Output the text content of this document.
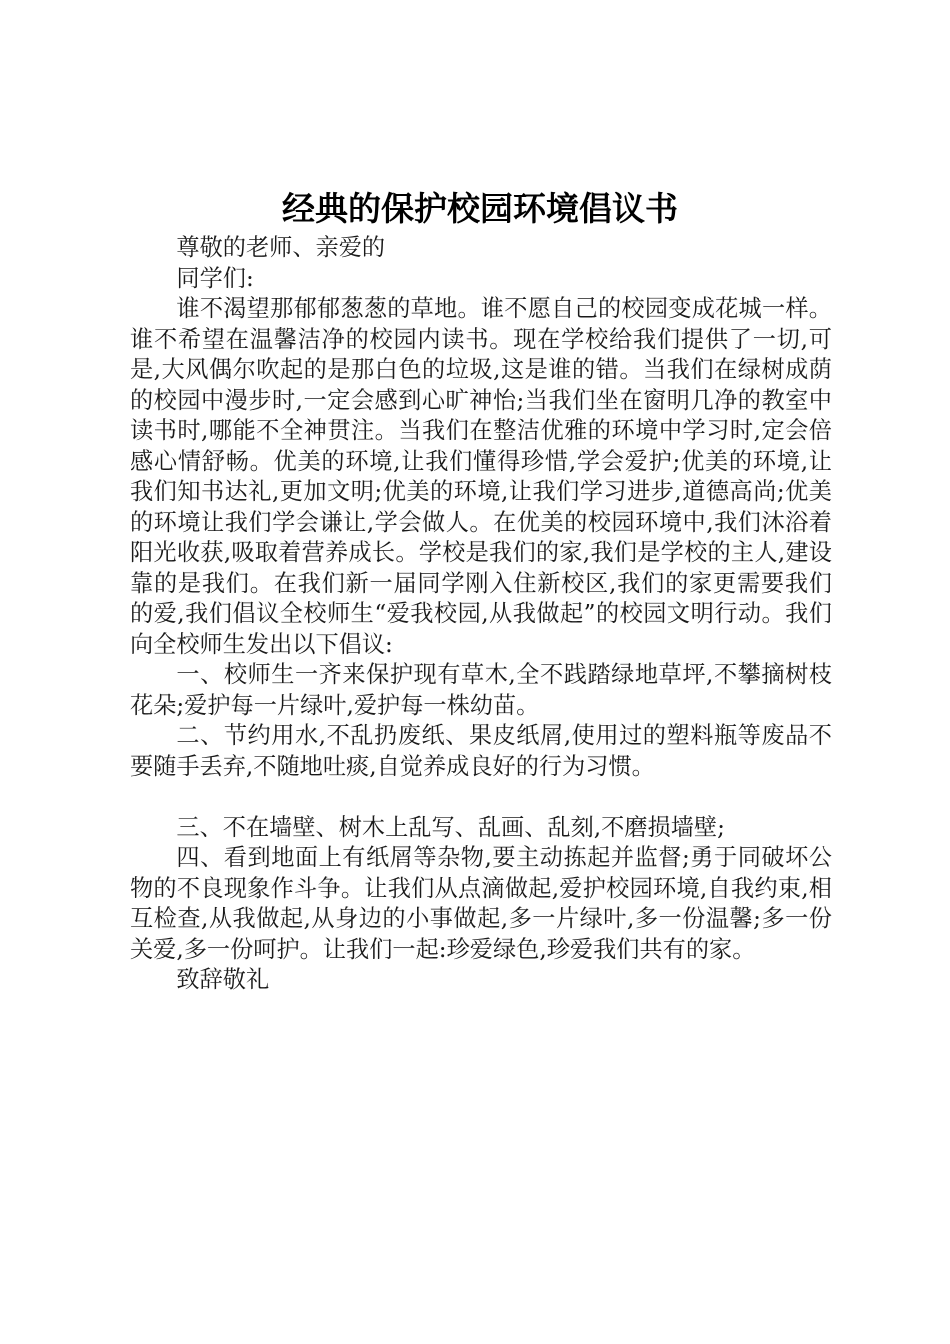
经典的保护校园环境倡议书

尊敬的老师、亲爱的

同学们:

谁不渴望那郁郁葱葱的草地。谁不愿自己的校园变成花城一样。谁不希望在温馨洁净的校园内读书。现在学校给我们提供了一切,可是,大风偶尔吹起的是那白色的垃圾,这是谁的错。当我们在绿树成荫的校园中漫步时,一定会感到心旷神怡;当我们坐在窗明几净的教室中读书时,哪能不全神贯注。当我们在整洁优雅的环境中学习时,定会倍感心情舒畅。优美的环境,让我们懂得珍惜,学会爱护;优美的环境,让我们知书达礼,更加文明;优美的环境,让我们学习进步,道德高尚;优美的环境让我们学会谦让,学会做人。在优美的校园环境中,我们沐浴着阳光收获,吸取着营养成长。学校是我们的家,我们是学校的主人,建设靠的是我们。在我们新一届同学刚入住新校区,我们的家更需要我们的爱,我们倡议全校师生“爱我校园,从我做起”的校园文明行动。我们向全校师生发出以下倡议:

一、校师生一齐来保护现有草木,全不践踏绿地草坪,不攀摘树枝花朵;爱护每一片绿叶,爱护每一株幼苗。

二、节约用水,不乱扔废纸、果皮纸屑,使用过的塑料瓶等废品不要随手丢弃,不随地吐痰,自觉养成良好的行为习惯。

三、不在墙壁、树木上乱写、乱画、乱刻,不磨损墙壁;

四、看到地面上有纸屑等杂物,要主动拣起并监督;勇于同破坏公物的不良现象作斗争。让我们从点滴做起,爱护校园环境,自我约束,相互检查,从我做起,从身边的小事做起,多一片绿叶,多一份温馨;多一份关爱,多一份呵护。让我们一起:珍爱绿色,珍爱我们共有的家。

致辞敬礼
